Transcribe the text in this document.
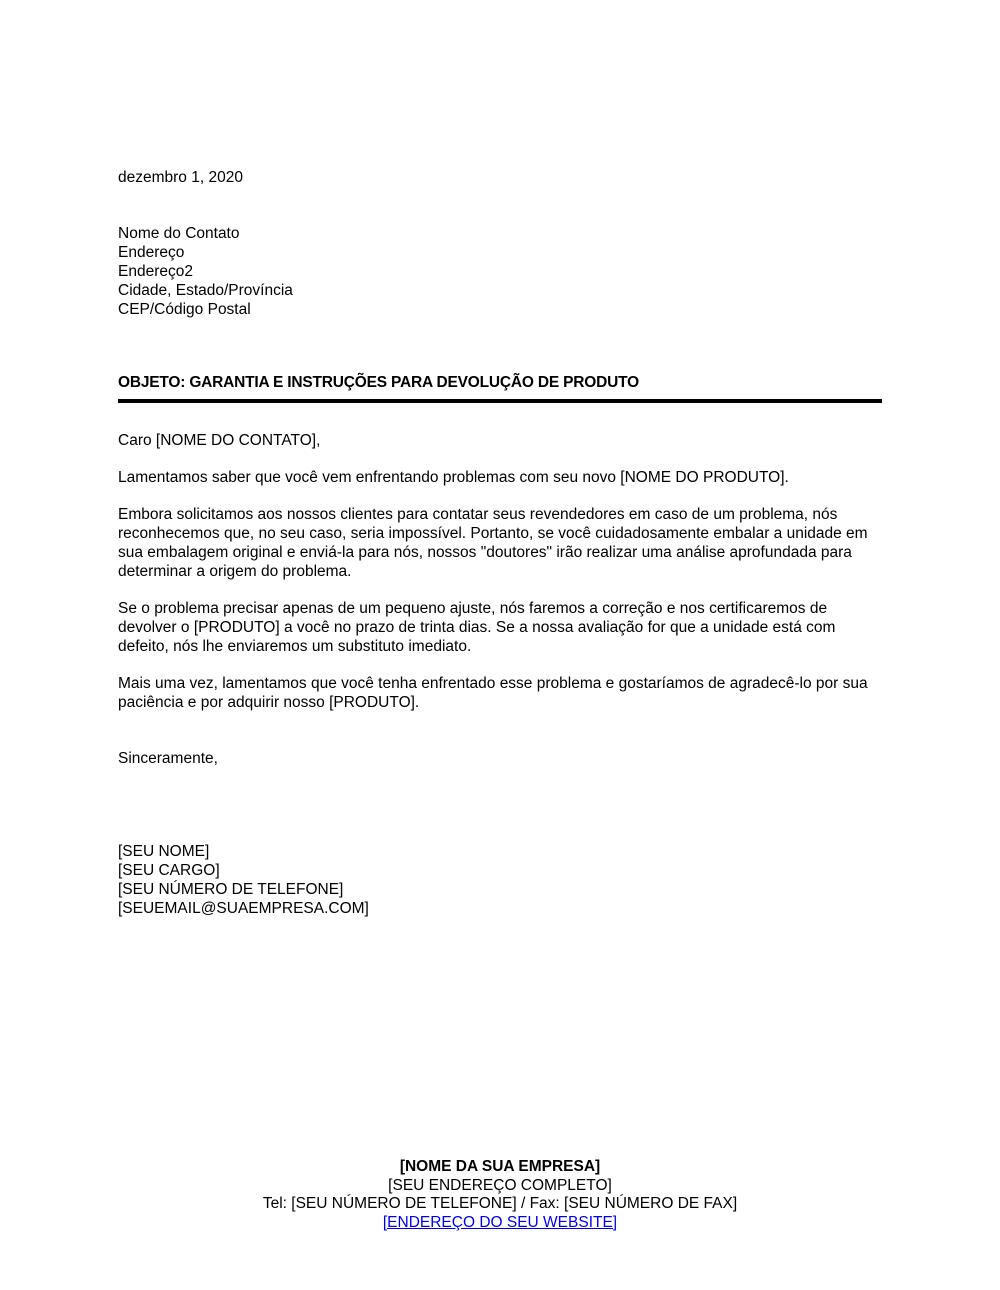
dezembro 1, 2020
Nome do Contato
Endereço
Endereço2
Cidade, Estado/Província
CEP/Código Postal
OBJETO: GARANTIA E INSTRUÇÕES PARA DEVOLUÇÃO DE PRODUTO
Caro [NOME DO CONTATO],
Lamentamos saber que você vem enfrentando problemas com seu novo [NOME DO PRODUTO].
Embora solicitamos aos nossos clientes para contatar seus revendedores em caso de um problema, nós reconhecemos que, no seu caso, seria impossível. Portanto, se você cuidadosamente embalar a unidade em sua embalagem original e enviá-la para nós, nossos "doutores" irão realizar uma análise aprofundada para determinar a origem do problema.
Se o problema precisar apenas de um pequeno ajuste, nós faremos a correção e nos certificaremos de devolver o [PRODUTO] a você no prazo de trinta dias. Se a nossa avaliação for que a unidade está com defeito, nós lhe enviaremos um substituto imediato.
Mais uma vez, lamentamos que você tenha enfrentado esse problema e gostaríamos de agradecê-lo por sua paciência e por adquirir nosso [PRODUTO].
Sinceramente,
[SEU NOME]
[SEU CARGO]
[SEU NÚMERO DE TELEFONE]
[SEUEMAIL@SUAEMPRESA.COM]
[NOME DA SUA EMPRESA]
[SEU ENDEREÇO COMPLETO]
Tel: [SEU NÚMERO DE TELEFONE] / Fax: [SEU NÚMERO DE FAX]
[ENDEREÇO DO SEU WEBSITE]
